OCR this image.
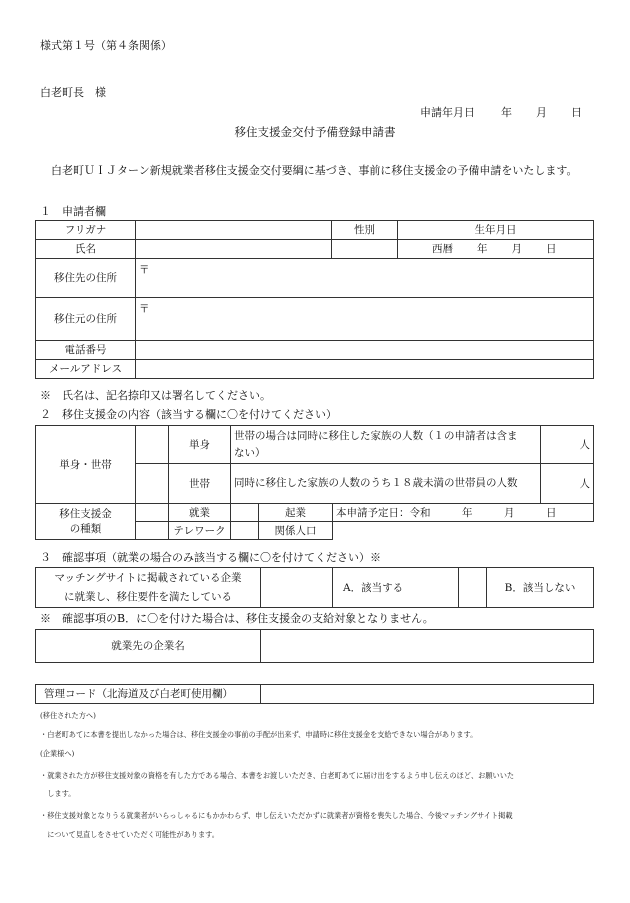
様式第１号（第４条関係）
白老町長　様
申請年月日 年 月 日
移住支援金交付予備登録申請書
白老町ＵＩＪターン新規就業者移住支援金交付要綱に基づき、事前に移住支援金の予備申請をいたします。
１　申請者欄
フリガナ		性別	生年月日
氏名			西暦 年 月 日
移住先の住所	〒		
移住元の住所	〒		
電話番号			
メールアドレス			
※　氏名は、記名捺印又は署名してください。
２　移住支援金の内容（該当する欄に〇を付けてください）
単身・世帯		単身	世帯の場合は同時に移住した家族の人数（１の申請者は含まない）			人
		世帯	同時に移住した家族の人数のうち１８歳未満の世帯員の人数			人
移住支援金
の種類		就業		起業	本申請予定日：令和　　　年　　　月　　　日	
		テレワーク		関係人口		
３　確認事項（就業の場合のみ該当する欄に〇を付けてください）※
マッチングサイトに掲載されている企業
に就業し、移住要件を満たしている		A．該当する		B．該当しない
※　確認事項のB．に〇を付けた場合は、移住支援金の支給対象となりません。
就業先の企業名	
管理コード（北海道及び白老町使用欄）	
(移住された方へ)
・白老町あてに本書を提出しなかった場合は、移住支援金の事前の手配が出来ず、申請時に移住支援金を支給できない場合があります。
(企業様へ)
・就業された方が移住支援対象の資格を有した方である場合、本書をお渡しいただき、白老町あてに届け出をするよう申し伝えのほど、お願いいた
　します。
・移住支援対象となりうる就業者がいらっしゃるにもかかわらず、申し伝えいただかずに就業者が資格を喪失した場合、今後マッチングサイト掲載
　について見直しをさせていただく可能性があります。
